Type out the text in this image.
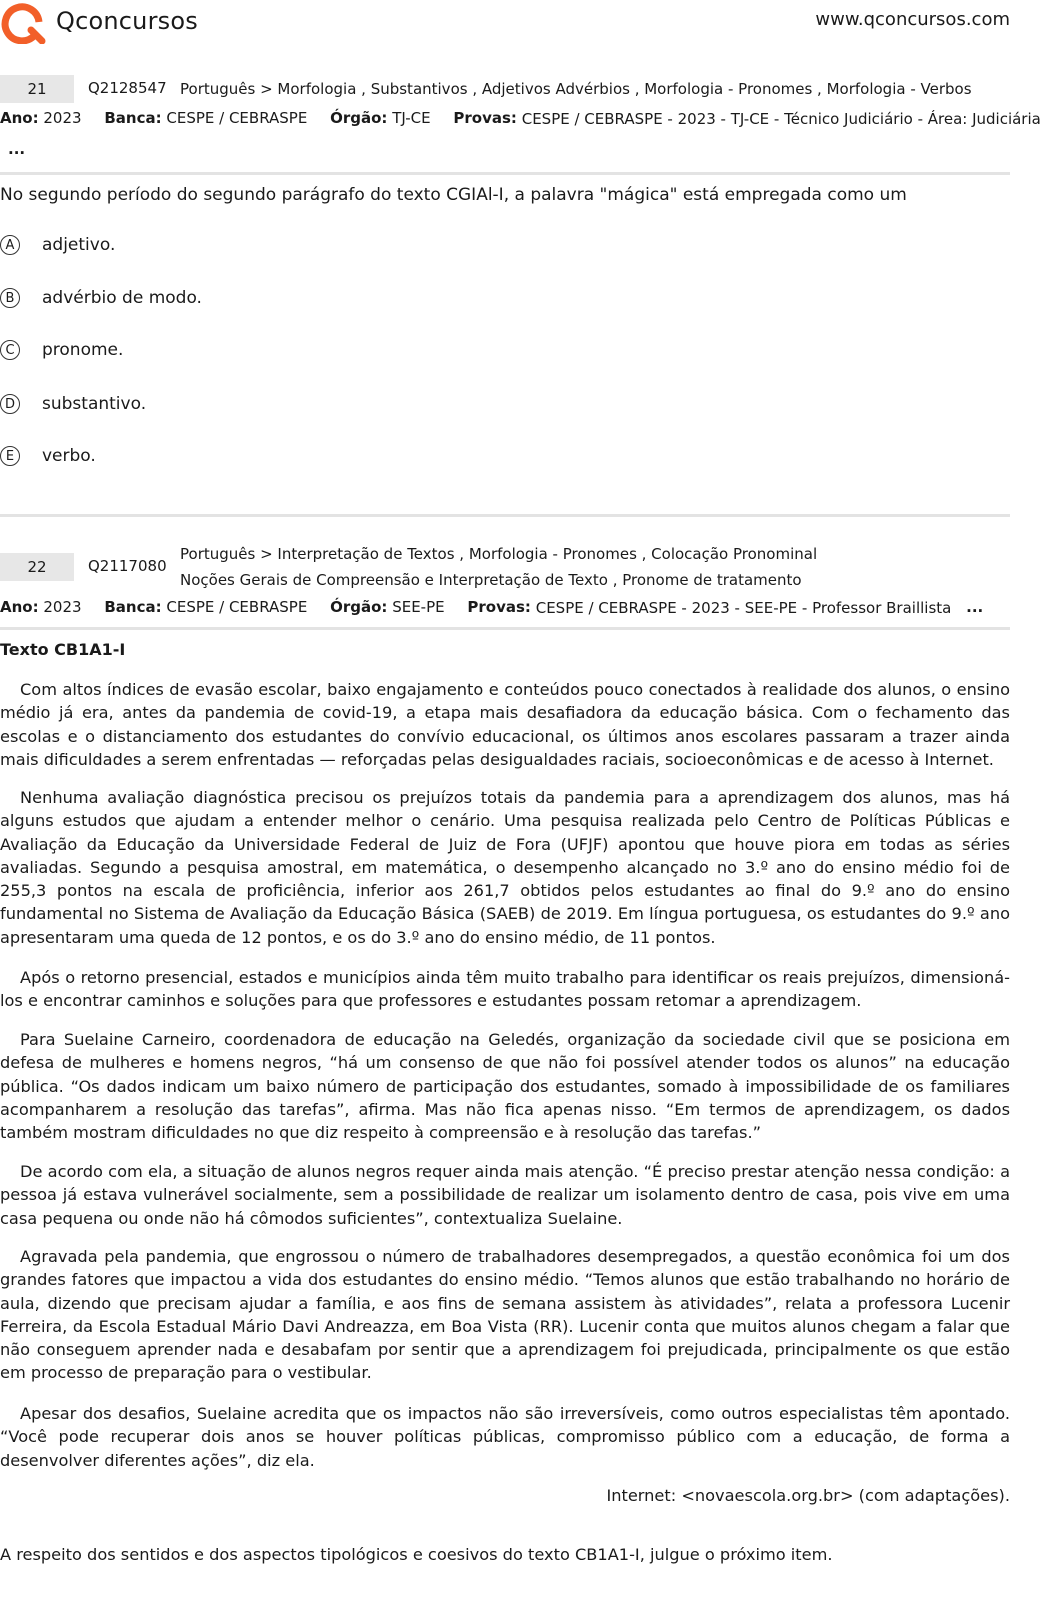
Qconcursos	www.qconcursos.com
21	Q2128547 Português > Morfologia , Substantivos , Adjetivos Advérbios , Morfologia - Pronomes , Morfologia - Verbos
Ano: 2023 Banca: CESPE / CEBRASPE Órgão: TJ-CE Provas: CESPE / CEBRASPE - 2023 - TJ-CE - Técnico Judiciário - Área: Judiciária
...
No segundo período do segundo parágrafo do texto CGIAl-I, a palavra "mágica" está empregada como um
A	adjetivo.
B	advérbio de modo.
C	pronome.
D substantivo.
E	verbo.
22	Q2117080
Português > Interpretação de Textos , Morfologia - Pronomes , Colocação Pronominal
Noções Gerais de Compreensão e Interpretação de Texto , Pronome de tratamento
Ano: 2023 Banca: CESPE / CEBRASPE Órgão: SEE-PE Provas: CESPE / CEBRASPE - 2023 - SEE-PE - Professor Braillista ...
Texto CB1A1-I
Com altos índices de evasão escolar, baixo engajamento e conteúdos pouco conectados à realidade dos alunos, o ensino médio já era, antes da pandemia de covid-19, a etapa mais desafiadora da educação básica. Com o fechamento das escolas e o distanciamento dos estudantes do convívio educacional, os últimos anos escolares passaram a trazer ainda mais dificuldades a serem enfrentadas — reforçadas pelas desigualdades raciais, socioeconômicas e de acesso à Internet.
Nenhuma avaliação diagnóstica precisou os prejuízos totais da pandemia para a aprendizagem dos alunos, mas há alguns estudos que ajudam a entender melhor o cenário. Uma pesquisa realizada pelo Centro de Políticas Públicas e Avaliação da Educação da Universidade Federal de Juiz de Fora (UFJF) apontou que houve piora em todas as séries avaliadas. Segundo a pesquisa amostral, em matemática, o desempenho alcançado no 3.º ano do ensino médio foi de 255,3 pontos na escala de proficiência, inferior aos 261,7 obtidos pelos estudantes ao final do 9.º ano do ensino fundamental no Sistema de Avaliação da Educação Básica (SAEB) de 2019. Em língua portuguesa, os estudantes do 9.º ano apresentaram uma queda de 12 pontos, e os do 3.º ano do ensino médio, de 11 pontos.
Após o retorno presencial, estados e municípios ainda têm muito trabalho para identificar os reais prejuízos, dimensioná-los e encontrar caminhos e soluções para que professores e estudantes possam retomar a aprendizagem.
Para Suelaine Carneiro, coordenadora de educação na Geledés, organização da sociedade civil que se posiciona em defesa de mulheres e homens negros, “há um consenso de que não foi possível atender todos os alunos” na educação pública. “Os dados indicam um baixo número de participação dos estudantes, somado à impossibilidade de os familiares acompanharem a resolução das tarefas”, afirma. Mas não fica apenas nisso. “Em termos de aprendizagem, os dados também mostram dificuldades no que diz respeito à compreensão e à resolução das tarefas.”
De acordo com ela, a situação de alunos negros requer ainda mais atenção. “É preciso prestar atenção nessa condição: a pessoa já estava vulnerável socialmente, sem a possibilidade de realizar um isolamento dentro de casa, pois vive em uma casa pequena ou onde não há cômodos suficientes”, contextualiza Suelaine.
Agravada pela pandemia, que engrossou o número de trabalhadores desempregados, a questão econômica foi um dos grandes fatores que impactou a vida dos estudantes do ensino médio. “Temos alunos que estão trabalhando no horário de aula, dizendo que precisam ajudar a família, e aos fins de semana assistem às atividades”, relata a professora Lucenir Ferreira, da Escola Estadual Mário Davi Andreazza, em Boa Vista (RR). Lucenir conta que muitos alunos chegam a falar que não conseguem aprender nada e desabafam por sentir que a aprendizagem foi prejudicada, principalmente os que estão em processo de preparação para o vestibular.
Apesar dos desafios, Suelaine acredita que os impactos não são irreversíveis, como outros especialistas têm apontado. “Você pode recuperar dois anos se houver políticas públicas, compromisso público com a educação, de forma a desenvolver diferentes ações”, diz ela.
Internet: <novaescola.org.br> (com adaptações).
A respeito dos sentidos e dos aspectos tipológicos e coesivos do texto CB1A1-I, julgue o próximo item.
